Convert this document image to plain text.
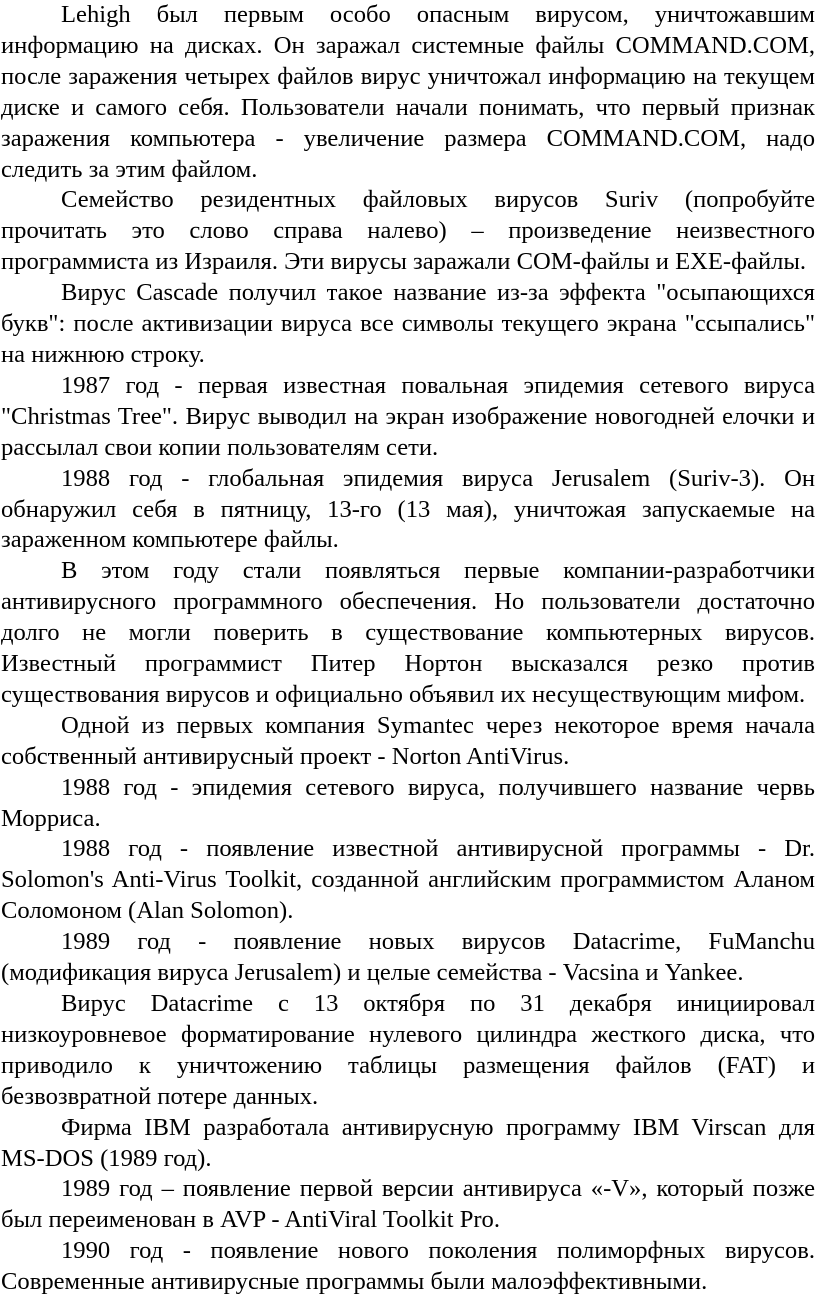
Lehigh был первым особо опасным вирусом, уничтожавшим информацию на дисках. Он заражал системные файлы COMMAND.COM, после заражения четырех файлов вирус уничтожал информацию на текущем диске и самого себя. Пользователи начали понимать, что первый признак заражения компьютера - увеличение размера COMMAND.COM, надо следить за этим файлом.

Семейство резидентных файловых вирусов Suriv (попробуйте прочитать это слово справа налево) – произведение неизвестного программиста из Израиля. Эти вирусы заражали COM-файлы и EXE-файлы.

Вирус Cascade получил такое название из-за эффекта "осыпающихся букв": после активизации вируса все символы текущего экрана "ссыпались" на нижнюю строку.

1987 год - первая известная повальная эпидемия сетевого вируса "Christmas Tree". Вирус выводил на экран изображение новогодней елочки и рассылал свои копии пользователям сети.

1988 год - глобальная эпидемия вируса Jerusalem (Suriv-3). Он обнаружил себя в пятницу, 13-го (13 мая), уничтожая запускаемые на зараженном компьютере файлы.

В этом году стали появляться первые компании-разработчики антивирусного программного обеспечения. Но пользователи достаточно долго не могли поверить в существование компьютерных вирусов. Известный программист Питер Нортон высказался резко против существования вирусов и официально объявил их несуществующим мифом.

Одной из первых компания Symantec через некоторое время начала собственный антивирусный проект - Norton AntiVirus.

1988 год - эпидемия сетевого вируса, получившего название червь Морриса.

1988 год - появление известной антивирусной программы - Dr. Solomon's Anti-Virus Toolkit, созданной английским программистом Аланом Соломоном (Alan Solomon).

1989 год - появление новых вирусов Datacrime, FuManchu (модификация вируса Jerusalem) и целые семейства - Vacsina и Yankee.

Вирус Datacrime с 13 октября по 31 декабря инициировал низкоуровневое форматирование нулевого цилиндра жесткого диска, что приводило к уничтожению таблицы размещения файлов (FAT) и безвозвратной потере данных.

Фирма IBM разработала антивирусную программу IBM Virscan для MS-DOS (1989 год).

1989 год – появление первой версии антивируса «-V», который позже был переименован в AVP - AntiViral Toolkit Pro.

1990 год - появление нового поколения полиморфных вирусов. Современные антивирусные программы были малоэффективными.
